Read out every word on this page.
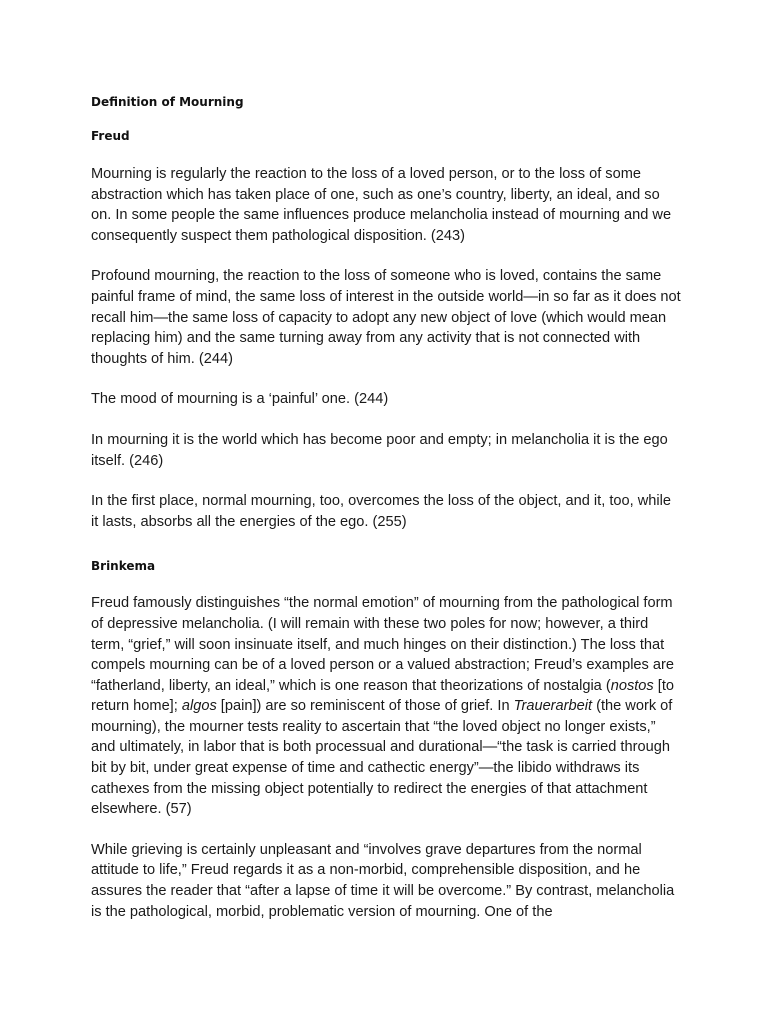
Definition of Mourning
Freud

Mourning is regularly the reaction to the loss of a loved person, or to the loss of some abstraction which has taken place of one, such as one’s country, liberty, an ideal, and so on. In some people the same influences produce melancholia instead of mourning and we consequently suspect them pathological disposition. (243)

Profound mourning, the reaction to the loss of someone who is loved, contains the same painful frame of mind, the same loss of interest in the outside world—in so far as it does not recall him—the same loss of capacity to adopt any new object of love (which would mean replacing him) and the same turning away from any activity that is not connected with thoughts of him. (244)

The mood of mourning is a ‘painful’ one. (244)

In mourning it is the world which has become poor and empty; in melancholia it is the ego itself. (246)

In the first place, normal mourning, too, overcomes the loss of the object, and it, too, while it lasts, absorbs all the energies of the ego. (255)

Brinkema

Freud famously distinguishes “the normal emotion” of mourning from the pathological form of depressive melancholia. (I will remain with these two poles for now; however, a third term, “grief,” will soon insinuate itself, and much hinges on their distinction.) The loss that compels mourning can be of a loved person or a valued abstraction; Freud’s examples are “fatherland, liberty, an ideal,” which is one reason that theorizations of nostalgia (nostos [to return home]; algos [pain]) are so reminiscent of those of grief. In Trauerarbeit (the work of mourning), the mourner tests reality to ascertain that “the loved object no longer exists,” and ultimately, in labor that is both processual and durational—“the task is carried through bit by bit, under great expense of time and cathectic energy”—the libido withdraws its cathexes from the missing object potentially to redirect the energies of that attachment elsewhere. (57)

While grieving is certainly unpleasant and “involves grave departures from the normal attitude to life,” Freud regards it as a non-morbid, comprehensible disposition, and he assures the reader that “after a lapse of time it will be overcome.” By contrast, melancholia is the pathological, morbid, problematic version of mourning. One of the
